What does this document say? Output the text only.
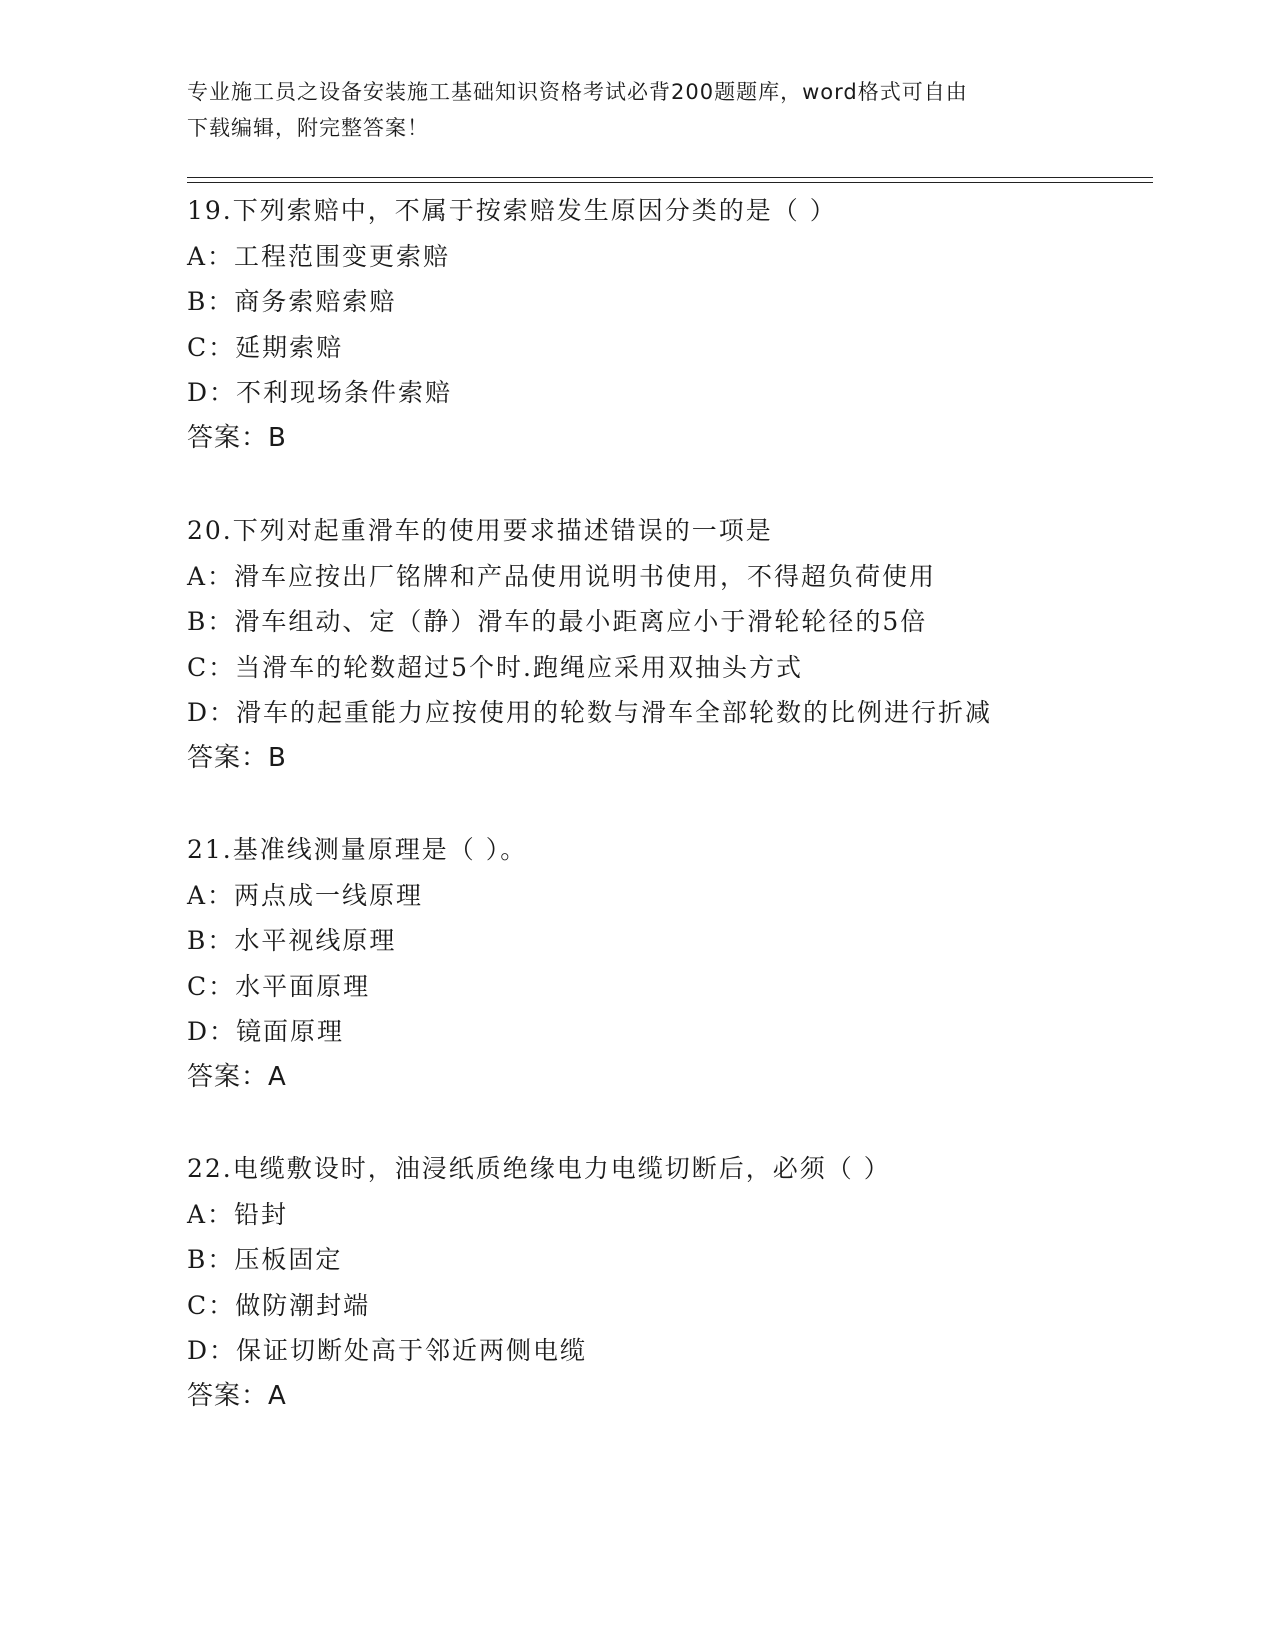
专业施工员之设备安装施工基础知识资格考试必背200题题库，word格式可自由
下载编辑，附完整答案！
19.下列索赔中，不属于按索赔发生原因分类的是（ ）
A：工程范围变更索赔
B：商务索赔索赔
C：延期索赔
D：不利现场条件索赔
答案：B
20.下列对起重滑车的使用要求描述错误的一项是
A：滑车应按出厂铭牌和产品使用说明书使用，不得超负荷使用
B：滑车组动、定（静）滑车的最小距离应小于滑轮轮径的5倍
C：当滑车的轮数超过5个时.跑绳应采用双抽头方式
D：滑车的起重能力应按使用的轮数与滑车全部轮数的比例进行折减
答案：B
21.基准线测量原理是（ ）。
A：两点成一线原理
B：水平视线原理
C：水平面原理
D：镜面原理
答案：A
22.电缆敷设时，油浸纸质绝缘电力电缆切断后，必须（ ）
A：铅封
B：压板固定
C：做防潮封端
D：保证切断处高于邻近两侧电缆
答案：A
